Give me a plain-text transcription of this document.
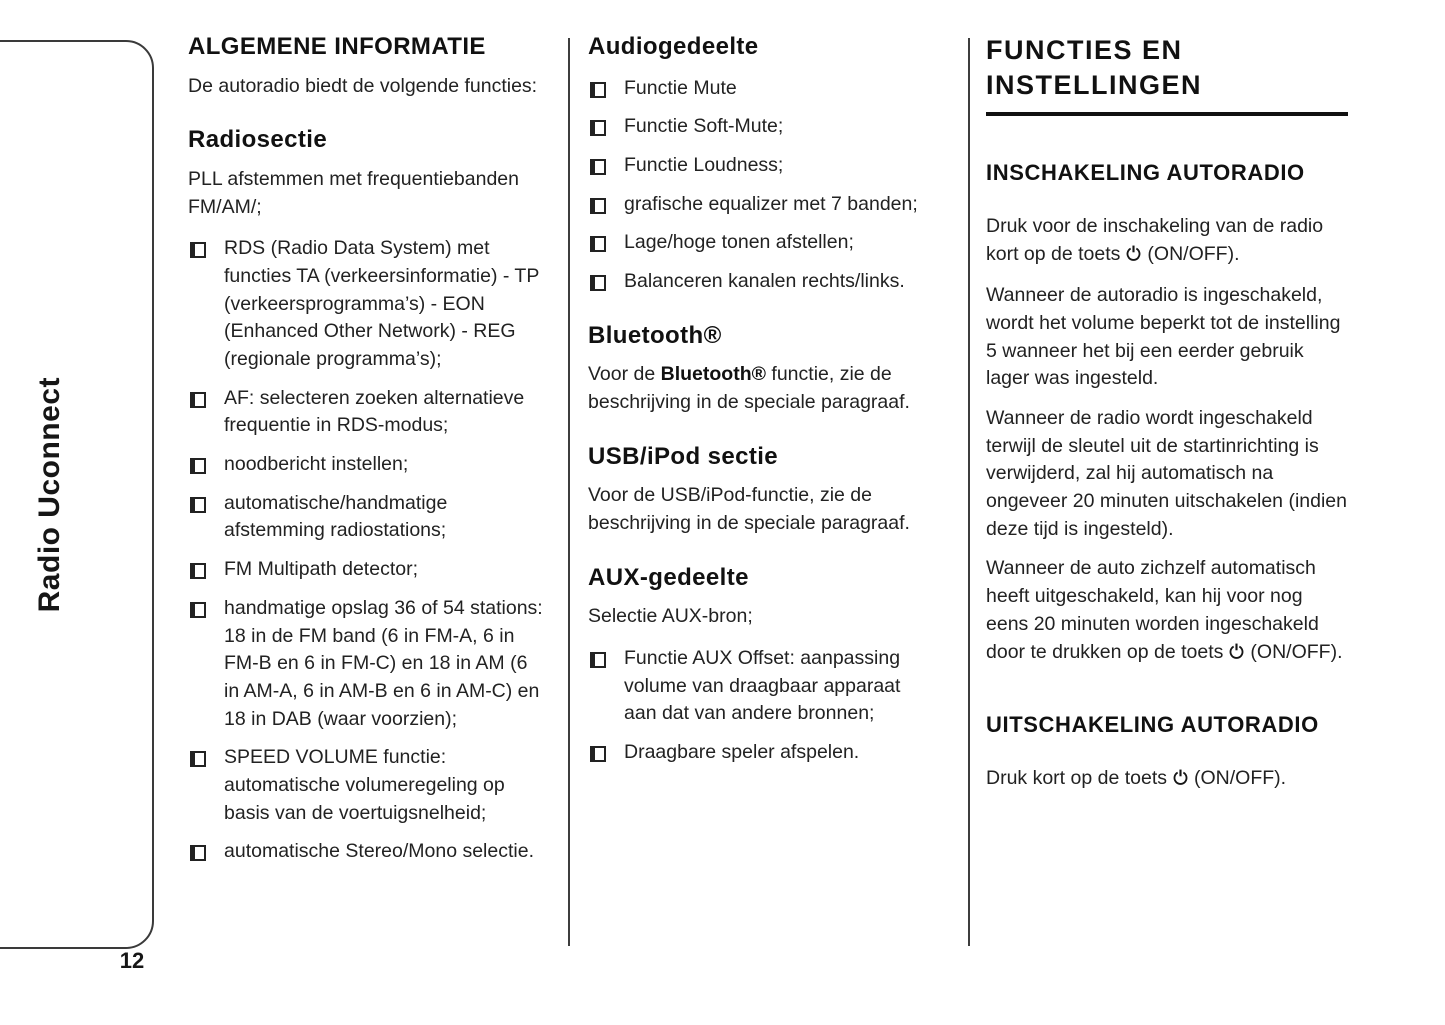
Radio Uconnect
12
ALGEMENE INFORMATIE

De autoradio biedt de volgende functies:

Radiosectie

PLL afstemmen met frequentiebanden FM/AM/;

RDS (Radio Data System) met functies TA (verkeersinformatie) - TP (verkeersprogramma’s) - EON (Enhanced Other Network) - REG (regionale programma’s);
AF: selecteren zoeken alternatieve frequentie in RDS-modus;
noodbericht instellen;
automatische/handmatige afstemming radiostations;
FM Multipath detector;
handmatige opslag 36 of 54 stations: 18 in de FM band (6 in FM-A, 6 in FM-B en 6 in FM-C) en 18 in AM (6 in AM-A, 6 in AM-B en 6 in AM-C) en 18 in DAB (waar voorzien);
SPEED VOLUME functie: automatische volumeregeling op basis van de voertuigsnelheid;
automatische Stereo/Mono selectie.
Audiogedeelte
Functie Mute
Functie Soft-Mute;
Functie Loudness;
grafische equalizer met 7 banden;
Lage/hoge tonen afstellen;
Balanceren kanalen rechts/links.
Bluetooth®

Voor de Bluetooth® functie, zie de beschrijving in de speciale paragraaf.

USB/iPod sectie

Voor de USB/iPod-functie, zie de beschrijving in de speciale paragraaf.

AUX-gedeelte

Selectie AUX-bron;

Functie AUX Offset: aanpassing volume van draagbaar apparaat aan dat van andere bronnen;
Draagbare speler afspelen.
FUNCTIES EN INSTELLINGEN
INSCHAKELING AUTORADIO

Druk voor de inschakeling van de radio kort op de toets (ON/OFF).

Wanneer de autoradio is ingeschakeld, wordt het volume beperkt tot de instelling 5 wanneer het bij een eerder gebruik lager was ingesteld.

Wanneer de radio wordt ingeschakeld terwijl de sleutel uit de startinrichting is verwijderd, zal hij automatisch na ongeveer 20 minuten uitschakelen (indien deze tijd is ingesteld).

Wanneer de auto zichzelf automatisch heeft uitgeschakeld, kan hij voor nog eens 20 minuten worden ingeschakeld door te drukken op de toets (ON/OFF).

UITSCHAKELING AUTORADIO

Druk kort op de toets (ON/OFF).
